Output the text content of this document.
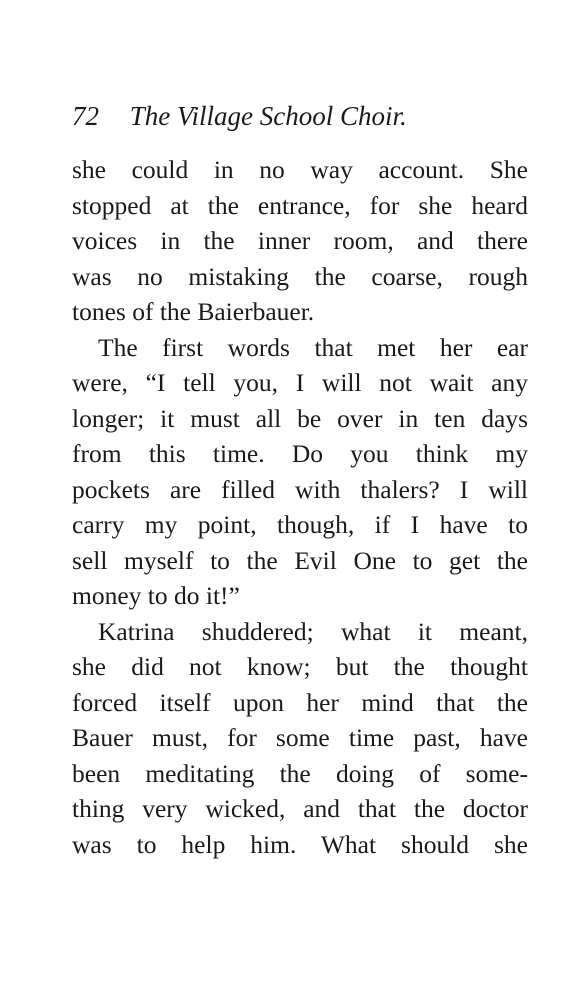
72 The Village School Choir.
she could in no way account. She
stopped at the entrance, for she heard
voices in the inner room, and there
was no mistaking the coarse, rough
tones of the Baierbauer.
The first words that met her ear
were, “I tell you, I will not wait any
longer; it must all be over in ten days
from this time. Do you think my
pockets are filled with thalers? I will
carry my point, though, if I have to
sell myself to the Evil One to get the
money to do it!”
Katrina shuddered; what it meant,
she did not know; but the thought
forced itself upon her mind that the
Bauer must, for some time past, have
been meditating the doing of some-
thing very wicked, and that the doctor
was to help him. What should she
